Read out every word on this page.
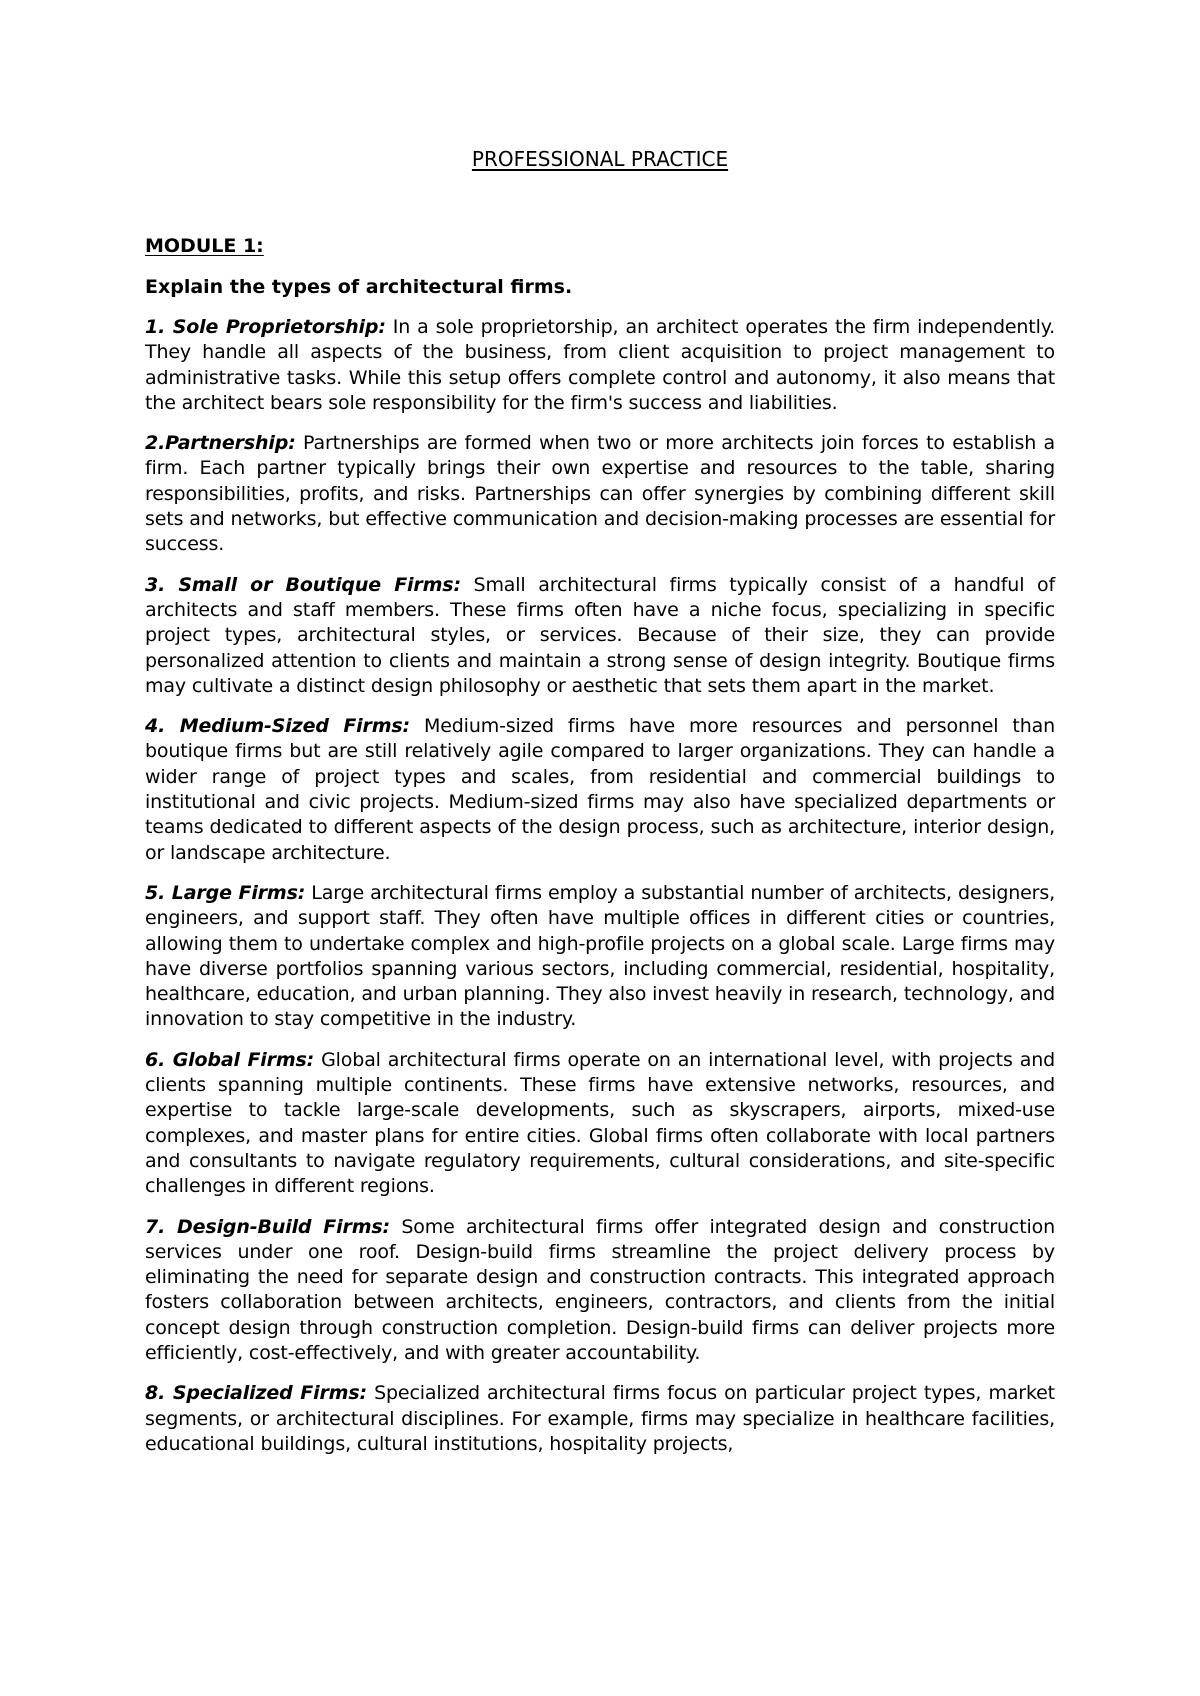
PROFESSIONAL PRACTICE
MODULE 1:
Explain the types of architectural firms.

1. Sole Proprietorship: In a sole proprietorship, an architect operates the firm independently. They handle all aspects of the business, from client acquisition to project management to administrative tasks. While this setup offers complete control and autonomy, it also means that the architect bears sole responsibility for the firm's success and liabilities.

2.Partnership: Partnerships are formed when two or more architects join forces to establish a firm. Each partner typically brings their own expertise and resources to the table, sharing responsibilities, profits, and risks. Partnerships can offer synergies by combining different skill sets and networks, but effective communication and decision-making processes are essential for success.

3. Small or Boutique Firms: Small architectural firms typically consist of a handful of architects and staff members. These firms often have a niche focus, specializing in specific project types, architectural styles, or services. Because of their size, they can provide personalized attention to clients and maintain a strong sense of design integrity. Boutique firms may cultivate a distinct design philosophy or aesthetic that sets them apart in the market.

4. Medium-Sized Firms: Medium-sized firms have more resources and personnel than boutique firms but are still relatively agile compared to larger organizations. They can handle a wider range of project types and scales, from residential and commercial buildings to institutional and civic projects. Medium-sized firms may also have specialized departments or teams dedicated to different aspects of the design process, such as architecture, interior design, or landscape architecture.

5. Large Firms: Large architectural firms employ a substantial number of architects, designers, engineers, and support staff. They often have multiple offices in different cities or countries, allowing them to undertake complex and high-profile projects on a global scale. Large firms may have diverse portfolios spanning various sectors, including commercial, residential, hospitality, healthcare, education, and urban planning. They also invest heavily in research, technology, and innovation to stay competitive in the industry.

6. Global Firms: Global architectural firms operate on an international level, with projects and clients spanning multiple continents. These firms have extensive networks, resources, and expertise to tackle large-scale developments, such as skyscrapers, airports, mixed-use complexes, and master plans for entire cities. Global firms often collaborate with local partners and consultants to navigate regulatory requirements, cultural considerations, and site-specific challenges in different regions.

7. Design-Build Firms: Some architectural firms offer integrated design and construction services under one roof. Design-build firms streamline the project delivery process by eliminating the need for separate design and construction contracts. This integrated approach fosters collaboration between architects, engineers, contractors, and clients from the initial concept design through construction completion. Design-build firms can deliver projects more efficiently, cost-effectively, and with greater accountability.

8. Specialized Firms: Specialized architectural firms focus on particular project types, market segments, or architectural disciplines. For example, firms may specialize in healthcare facilities, educational buildings, cultural institutions, hospitality projects,
